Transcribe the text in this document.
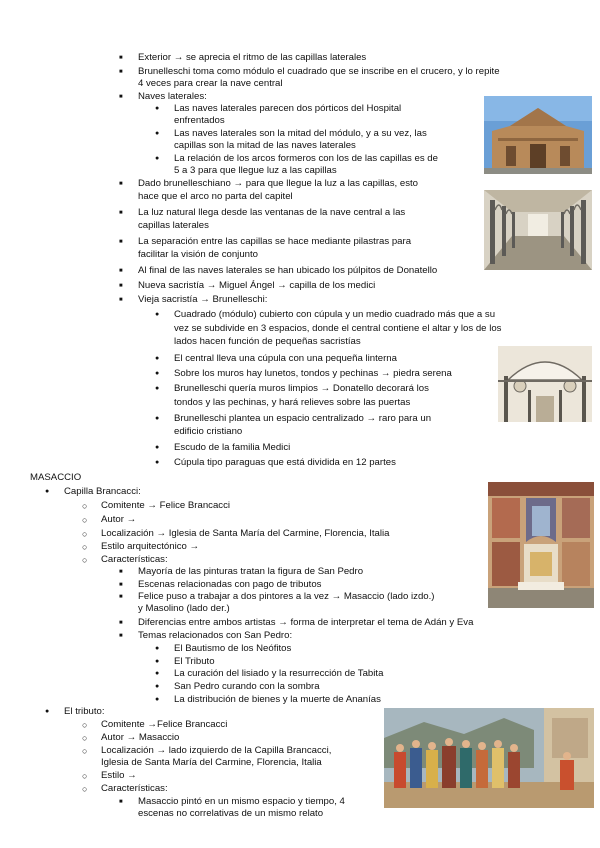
■ Exterior → se aprecia el ritmo de las capillas laterales
■ Brunelleschi toma como módulo el cuadrado que se inscribe en el crucero, y lo repite
4 veces para crear la nave central
■ Naves laterales:
● Las naves laterales parecen dos pórticos del Hospital
enfrentados
● Las naves laterales son la mitad del módulo, y a su vez, las
capillas son la mitad de las naves laterales
● La relación de los arcos formeros con los de las capillas es de
5 a 3 para que llegue luz a las capillas
■ Dado brunelleschiano → para que llegue la luz a las capillas, esto
hace que el arco no parta del capitel
■ La luz natural llega desde las ventanas de la nave central a las
capillas laterales
■ La separación entre las capillas se hace mediante pilastras para
facilitar la visión de conjunto
■ Al final de las naves laterales se han ubicado los púlpitos de Donatello
■ Nueva sacristía → Miguel Ángel → capilla de los medici
■ Vieja sacristía → Brunelleschi:
● Cuadrado (módulo) cubierto con cúpula y un medio cuadrado más que a su
vez se subdivide en 3 espacios, donde el central contiene el altar y los de los
lados hacen función de pequeñas sacristías
● El central lleva una cúpula con una pequeña linterna
● Sobre los muros hay lunetos, tondos y pechinas → piedra serena
● Brunelleschi quería muros limpios → Donatello decorará los
tondos y las pechinas, y hará relieves sobre las puertas
● Brunelleschi plantea un espacio centralizado → raro para un
edificio cristiano
● Escudo de la familia Medici
● Cúpula tipo paraguas que está dividida en 12 partes
MASACCIO
● Capilla Brancacci:
○ Comitente → Felice Brancacci
○ Autor →
○ Localización → Iglesia de Santa María del Carmine, Florencia, Italia
○ Estilo arquitectónico →
○ Características:
■ Mayoría de las pinturas tratan la figura de San Pedro
■ Escenas relacionadas con pago de tributos
■ Felice puso a trabajar a dos pintores a la vez → Masaccio (lado izdo.)
y Masolino (lado der.)
■ Diferencias entre ambos artistas → forma de interpretar el tema de Adán y Eva
■ Temas relacionados con San Pedro:
● El Bautismo de los Neófitos
● El Tributo
● La curación del lisiado y la resurrección de Tabita
● San Pedro curando con la sombra
● La distribución de bienes y la muerte de Ananías
● El tributo:
○ Comitente →Felice Brancacci
○ Autor → Masaccio
○ Localización → lado izquierdo de la Capilla Brancacci,
Iglesia de Santa María del Carmine, Florencia, Italia
○ Estilo →
○ Características:
■ Masaccio pintó en un mismo espacio y tiempo, 4
escenas no correlativas de un mismo relato
